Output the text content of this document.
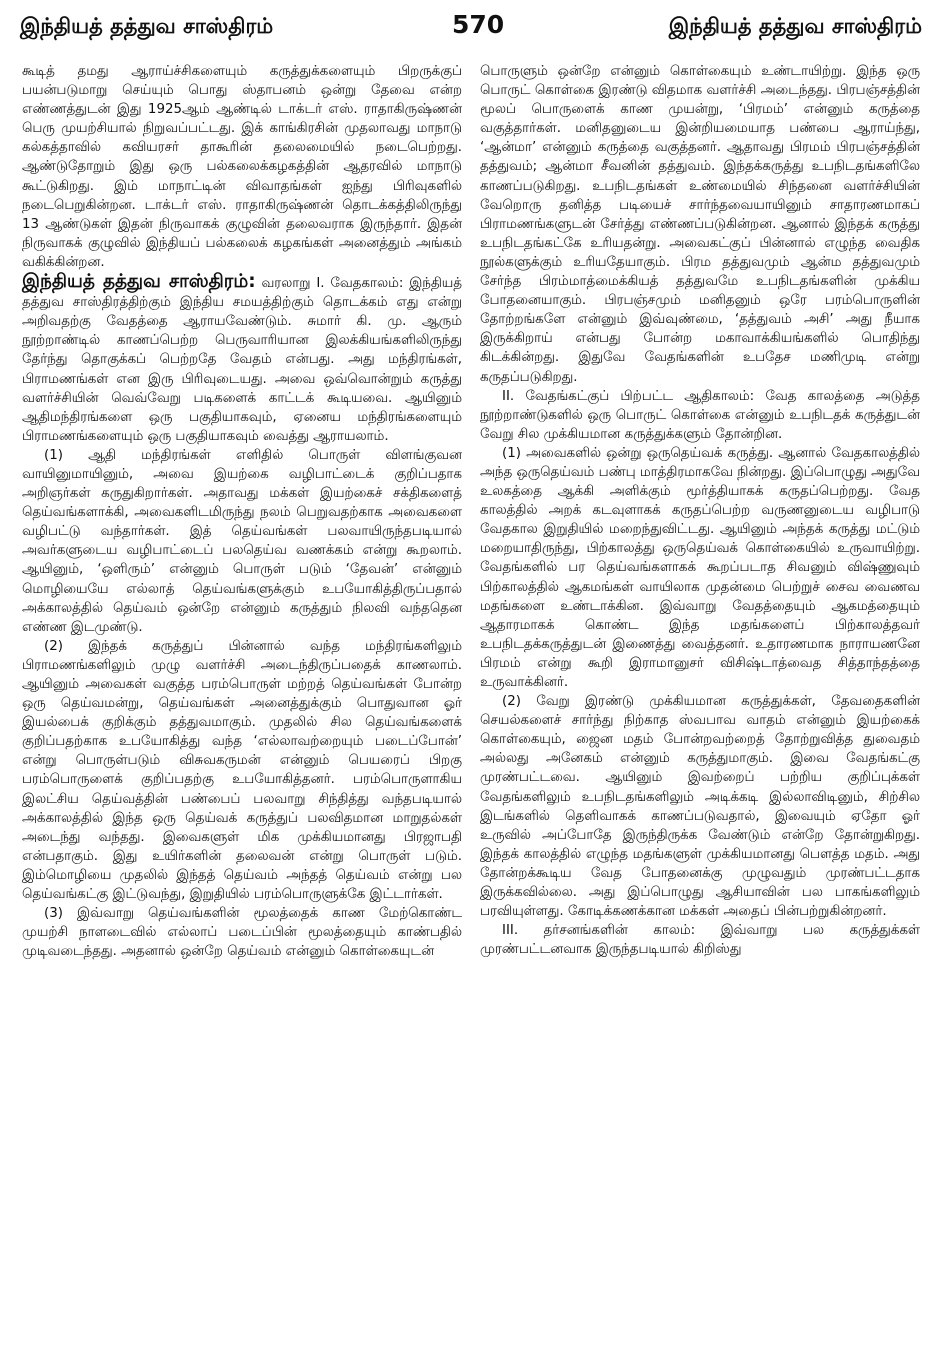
இந்தியத் தத்துவ சாஸ்திரம்	570	இந்தியத் தத்துவ சாஸ்திரம்

கூடித் தமது ஆராய்ச்சிகளையும் கருத்துக்களையும் பிறருக்குப் பயன்படுமாறு செய்யும் பொது ஸ்தாபனம் ஒன்று தேவை என்ற எண்ணத்துடன் இது 1925ஆம் ஆண்டில் டாக்டர் எஸ். ராதாகிருஷ்ணன் பெரு முயற்சியால் நிறுவப்பட்டது. இக் காங்கிரசின் முதலாவது மாநாடு கல்கத்தாவில் கவியரசர் தாகூரின் தலைமையில் நடைபெற்றது. ஆண்டுதோறும் இது ஒரு பல்கலைக்கழகத்தின் ஆதரவில் மாநாடு கூட்டுகிறது. இம் மாநாட்டின் விவாதங்கள் ஐந்து பிரிவுகளில் நடைபெறுகின்றன. டாக்டர் எஸ். ராதாகிருஷ்ணன் தொடக்கத்திலிருந்து 13 ஆண்டுகள் இதன் நிருவாகக் குழுவின் தலைவராக இருந்தார். இதன் நிருவாகக் குழுவில் இந்தியப் பல்கலைக் கழகங்கள் அனைத்தும் அங்கம் வகிக்கின்றன.

இந்தியத் தத்துவ சாஸ்திரம்: வரலாறு I. வேதகாலம்: இந்தியத் தத்துவ சாஸ்திரத்திற்கும் இந்திய சமயத்திற்கும் தொடக்கம் எது என்று அறிவதற்கு வேதத்தை ஆராயவேண்டும். சுமார் கி. மு. ஆரும் நூற்றாண்டில் காணப்பெற்ற பெருவாரியான இலக்கியங்களிலிருந்து தேர்ந்து தொகுக்கப் பெற்றதே வேதம் என்பது. அது மந்திரங்கள், பிராமணங்கள் என இரு பிரிவுடையது. அவை ஒவ்வொன்றும் கருத்து வளர்ச்சியின் வெவ்வேறு படிகளைக் காட்டக் கூடியவை. ஆயினும் ஆதிமந்திரங்களை ஒரு பகுதியாகவும், ஏனைய மந்திரங்களையும் பிராமணங்களையும் ஒரு பகுதியாகவும் வைத்து ஆராயலாம்.

(1) ஆதி மந்திரங்கள் எளிதில் பொருள் விளங்குவன வாயினுமாயினும், அவை இயற்கை வழிபாட்டைக் குறிப்பதாக அறிஞர்கள் கருதுகிறார்கள். அதாவது மக்கள் இயற்கைச் சக்திகளைத் தெய்வங்களாக்கி, அவைகளிடமிருந்து நலம் பெறுவதற்காக அவைகளை வழிபட்டு வந்தார்கள். இத் தெய்வங்கள் பலவாயிருந்தபடியால் அவர்களுடைய வழிபாட்டைப் பலதெய்வ வணக்கம் என்று கூறலாம். ஆயினும், ‘ஒளிரும்’ என்னும் பொருள் படும் ‘தேவன்’ என்னும் மொழியையே எல்லாத் தெய்வங்களுக்கும் உபயோகித்திருப்பதால் அக்காலத்தில் தெய்வம் ஒன்றே என்னும் கருத்தும் நிலவி வந்ததென எண்ண இடமுண்டு.

(2) இந்தக் கருத்துப் பின்னால் வந்த மந்திரங்களிலும் பிராமணங்களிலும் முழு வளர்ச்சி அடைந்திருப்பதைக் காணலாம். ஆயினும் அவைகள் வகுத்த பரம்பொருள் மற்றத் தெய்வங்கள் போன்ற ஒரு தெய்வமன்று, தெய்வங்கள் அனைத்துக்கும் பொதுவான ஓர் இயல்பைக் குறிக்கும் தத்துவமாகும். முதலில் சில தெய்வங்களைக் குறிப்பதற்காக உபயோகித்து வந்த ‘எல்லாவற்றையும் படைப்போன்’ என்று பொருள்படும் விசுவகருமன் என்னும் பெயரைப் பிறகு பரம்பொருளைக் குறிப்பதற்கு உபயோகித்தனர். பரம்பொருளாகிய இலட்சிய தெய்வத்தின் பண்பைப் பலவாறு சிந்தித்து வந்தபடியால் அக்காலத்தில் இந்த ஒரு தெய்வக் கருத்துப் பலவிதமான மாறுதல்கள் அடைந்து வந்தது. இவைகளுள் மிக முக்கியமானது பிரஜாபதி என்பதாகும். இது உயிர்களின் தலைவன் என்று பொருள் படும். இம்மொழியை முதலில் இந்தத் தெய்வம் அந்தத் தெய்வம் என்று பல தெய்வங்கட்கு இட்டுவந்து, இறுதியில் பரம்பொருளுக்கே இட்டார்கள்.

(3) இவ்வாறு தெய்வங்களின் மூலத்தைக் காண மேற்கொண்ட முயற்சி நாளடைவில் எல்லாப் படைப்பின் மூலத்தையும் காண்பதில் முடிவடைந்தது. அதனால் ஒன்றே தெய்வம் என்னும் கொள்கையுடன்

பொருளும் ஒன்றே என்னும் கொள்கையும் உண்டாயிற்று. இந்த ஒரு பொருட் கொள்கை இரண்டு விதமாக வளர்ச்சி அடைந்தது. பிரபஞ்சத்தின் மூலப் பொருளைக் காண முயன்று, ‘பிரமம்’ என்னும் கருத்தை வகுத்தார்கள். மனிதனுடைய இன்றியமையாத பண்பை ஆராய்ந்து, ‘ஆன்மா’ என்னும் கருத்தை வகுத்தனர். ஆதாவது பிரமம் பிரபஞ்சத்தின் தத்துவம்; ஆன்மா சீவனின் தத்துவம். இந்தக்கருத்து உபநிடதங்களிலே காணப்படுகிறது. உபநிடதங்கள் உண்மையில் சிந்தனை வளர்ச்சியின் வேறொரு தனித்த படியைச் சார்ந்தவையாயினும் சாதாரணமாகப் பிராமணங்களுடன் சேர்த்து எண்ணப்படுகின்றன. ஆனால் இந்தக் கருத்து உபநிடதங்கட்கே உரியதன்று. அவைகட்குப் பின்னால் எழுந்த வைதிக நூல்களுக்கும் உரியதேயாகும். பிரம தத்துவமும் ஆன்ம தத்துவமும் சேர்ந்த பிரம்மாத்மைக்கியத் தத்துவமே உபநிடதங்களின் முக்கிய போதனையாகும். பிரபஞ்சமும் மனிதனும் ஒரே பரம்பொருளின் தோற்றங்களே என்னும் இவ்வுண்மை, ‘தத்துவம் அசி’ அது நீயாக இருக்கிறாய் என்பது போன்ற மகாவாக்கியங்களில் பொதிந்து கிடக்கின்றது. இதுவே வேதங்களின் உபதேச மணிமுடி என்று கருதப்படுகிறது.

II. வேதங்கட்குப் பிற்பட்ட ஆதிகாலம்: வேத காலத்தை அடுத்த நூற்றாண்டுகளில் ஒரு பொருட் கொள்கை என்னும் உபநிடதக் கருத்துடன் வேறு சில முக்கியமான கருத்துக்களும் தோன்றின.

(1) அவைகளில் ஒன்று ஒருதெய்வக் கருத்து. ஆனால் வேதகாலத்தில் அந்த ஒருதெய்வம் பண்பு மாத்திரமாகவே நின்றது. இப்பொழுது அதுவே உலகத்தை ஆக்கி அளிக்கும் மூர்த்தியாகக் கருதப்பெற்றது. வேத காலத்தில் அறக் கடவுளாகக் கருதப்பெற்ற வருணனுடைய வழிபாடு வேதகால இறுதியில் மறைந்துவிட்டது. ஆயினும் அந்தக் கருத்து மட்டும் மறையாதிருந்து, பிற்காலத்து ஒருதெய்வக் கொள்கையில் உருவாயிற்று. வேதங்களில் பர தெய்வங்களாகக் கூறப்படாத சிவனும் விஷ்ணுவும் பிற்காலத்தில் ஆகமங்கள் வாயிலாக முதன்மை பெற்றுச் சைவ வைணவ மதங்களை உண்டாக்கின. இவ்வாறு வேதத்தையும் ஆகமத்தையும் ஆதாரமாகக் கொண்ட இந்த மதங்களைப் பிற்காலத்தவர் உபநிடதக்கருத்துடன் இணைத்து வைத்தனர். உதாரணமாக நாராயணனே பிரமம் என்று கூறி இராமானுசர் விசிஷ்டாத்வைத சித்தாந்தத்தை உருவாக்கினர்.

(2) வேறு இரண்டு முக்கியமான கருத்துக்கள், தேவதைகளின் செயல்களைச் சார்ந்து நிற்காத ஸ்வபாவ வாதம் என்னும் இயற்கைக் கொள்கையும், ஜைன மதம் போன்றவற்றைத் தோற்றுவித்த துவைதம் அல்லது அனேகம் என்னும் கருத்துமாகும். இவை வேதங்கட்கு முரண்பட்டவை. ஆயினும் இவற்றைப் பற்றிய குறிப்புக்கள் வேதங்களிலும் உபநிடதங்களிலும் அடிக்கடி இல்லாவிடினும், சிற்சில இடங்களில் தெளிவாகக் காணப்படுவதால், இவையும் ஏதோ ஓர் உருவில் அப்போதே இருந்திருக்க வேண்டும் என்றே தோன்றுகிறது. இந்தக் காலத்தில் எழுந்த மதங்களுள் முக்கியமானது பௌத்த மதம். அது தோன்றக்கூடிய வேத போதனைக்கு முழுவதும் முரண்பட்டதாக இருக்கவில்லை. அது இப்பொழுது ஆசியாவின் பல பாகங்களிலும் பரவியுள்ளது. கோடிக்கணக்கான மக்கள் அதைப் பின்பற்றுகின்றனர்.

III. தர்சனங்களின் காலம்: இவ்வாறு பல கருத்துக்கள் முரண்பட்டனவாக இருந்தபடியால் கிறிஸ்து
